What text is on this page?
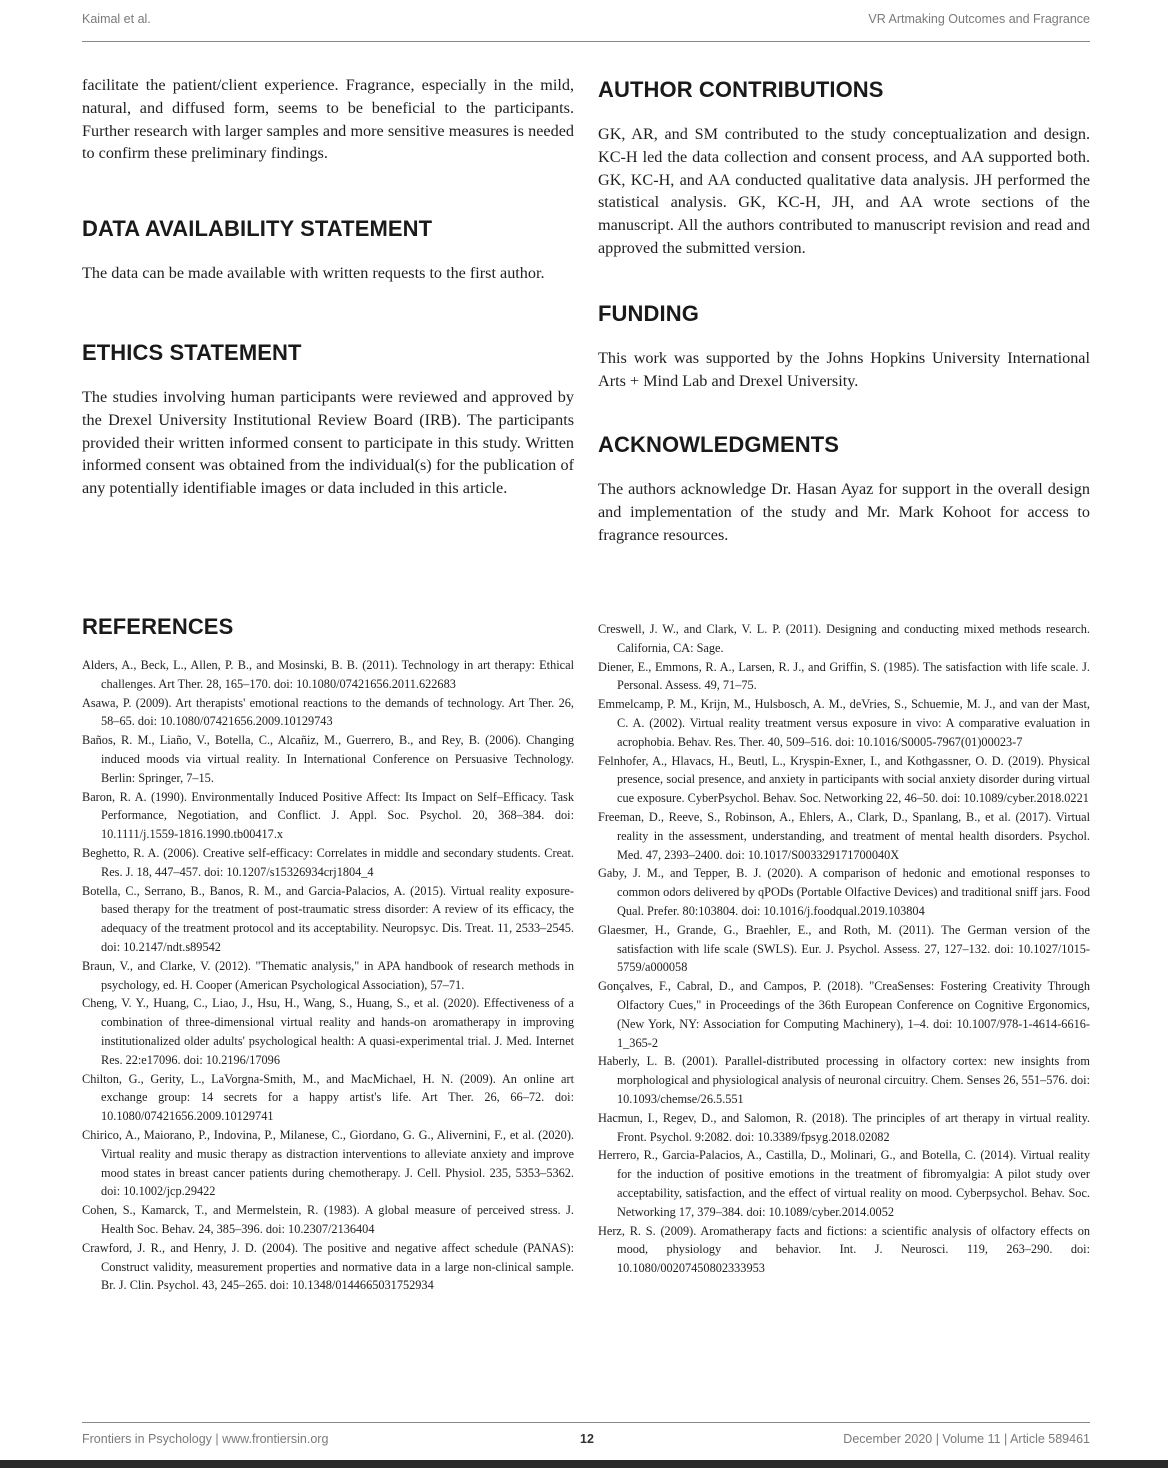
Kaimal et al.	VR Artmaking Outcomes and Fragrance

facilitate the patient/client experience. Fragrance, especially in the mild, natural, and diffused form, seems to be beneficial to the participants. Further research with larger samples and more sensitive measures is needed to confirm these preliminary findings.

DATA AVAILABILITY STATEMENT

The data can be made available with written requests to the first author.

ETHICS STATEMENT

The studies involving human participants were reviewed and approved by the Drexel University Institutional Review Board (IRB). The participants provided their written informed consent to participate in this study. Written informed consent was obtained from the individual(s) for the publication of any potentially identifiable images or data included in this article.

AUTHOR CONTRIBUTIONS

GK, AR, and SM contributed to the study conceptualization and design. KC-H led the data collection and consent process, and AA supported both. GK, KC-H, and AA conducted qualitative data analysis. JH performed the statistical analysis. GK, KC-H, JH, and AA wrote sections of the manuscript. All the authors contributed to manuscript revision and read and approved the submitted version.

FUNDING

This work was supported by the Johns Hopkins University International Arts + Mind Lab and Drexel University.

ACKNOWLEDGMENTS

The authors acknowledge Dr. Hasan Ayaz for support in the overall design and implementation of the study and Mr. Mark Kohoot for access to fragrance resources.

REFERENCES
Alders, A., Beck, L., Allen, P. B., and Mosinski, B. B. (2011). Technology in art therapy: Ethical challenges. Art Ther. 28, 165–170. doi: 10.1080/07421656.2011.622683
Asawa, P. (2009). Art therapists' emotional reactions to the demands of technology. Art Ther. 26, 58–65. doi: 10.1080/07421656.2009.10129743
Baños, R. M., Liaño, V., Botella, C., Alcañiz, M., Guerrero, B., and Rey, B. (2006). Changing induced moods via virtual reality. In International Conference on Persuasive Technology. Berlin: Springer, 7–15.
Baron, R. A. (1990). Environmentally Induced Positive Affect: Its Impact on Self–Efficacy. Task Performance, Negotiation, and Conflict. J. Appl. Soc. Psychol. 20, 368–384. doi: 10.1111/j.1559-1816.1990.tb00417.x
Beghetto, R. A. (2006). Creative self-efficacy: Correlates in middle and secondary students. Creat. Res. J. 18, 447–457. doi: 10.1207/s15326934crj1804_4
Botella, C., Serrano, B., Banos, R. M., and Garcia-Palacios, A. (2015). Virtual reality exposure-based therapy for the treatment of post-traumatic stress disorder: A review of its efficacy, the adequacy of the treatment protocol and its acceptability. Neuropsyc. Dis. Treat. 11, 2533–2545. doi: 10.2147/ndt.s89542
Braun, V., and Clarke, V. (2012). "Thematic analysis," in APA handbook of research methods in psychology, ed. H. Cooper (American Psychological Association), 57–71.
Cheng, V. Y., Huang, C., Liao, J., Hsu, H., Wang, S., Huang, S., et al. (2020). Effectiveness of a combination of three-dimensional virtual reality and hands-on aromatherapy in improving institutionalized older adults' psychological health: A quasi-experimental trial. J. Med. Internet Res. 22:e17096. doi: 10.2196/17096
Chilton, G., Gerity, L., LaVorgna-Smith, M., and MacMichael, H. N. (2009). An online art exchange group: 14 secrets for a happy artist's life. Art Ther. 26, 66–72. doi: 10.1080/07421656.2009.10129741
Chirico, A., Maiorano, P., Indovina, P., Milanese, C., Giordano, G. G., Alivernini, F., et al. (2020). Virtual reality and music therapy as distraction interventions to alleviate anxiety and improve mood states in breast cancer patients during chemotherapy. J. Cell. Physiol. 235, 5353–5362. doi: 10.1002/jcp.29422
Cohen, S., Kamarck, T., and Mermelstein, R. (1983). A global measure of perceived stress. J. Health Soc. Behav. 24, 385–396. doi: 10.2307/2136404
Crawford, J. R., and Henry, J. D. (2004). The positive and negative affect schedule (PANAS): Construct validity, measurement properties and normative data in a large non-clinical sample. Br. J. Clin. Psychol. 43, 245–265. doi: 10.1348/0144665031752934
Creswell, J. W., and Clark, V. L. P. (2011). Designing and conducting mixed methods research. California, CA: Sage.
Diener, E., Emmons, R. A., Larsen, R. J., and Griffin, S. (1985). The satisfaction with life scale. J. Personal. Assess. 49, 71–75.
Emmelcamp, P. M., Krijn, M., Hulsbosch, A. M., deVries, S., Schuemie, M. J., and van der Mast, C. A. (2002). Virtual reality treatment versus exposure in vivo: A comparative evaluation in acrophobia. Behav. Res. Ther. 40, 509–516. doi: 10.1016/S0005-7967(01)00023-7
Felnhofer, A., Hlavacs, H., Beutl, L., Kryspin-Exner, I., and Kothgassner, O. D. (2019). Physical presence, social presence, and anxiety in participants with social anxiety disorder during virtual cue exposure. CyberPsychol. Behav. Soc. Networking 22, 46–50. doi: 10.1089/cyber.2018.0221
Freeman, D., Reeve, S., Robinson, A., Ehlers, A., Clark, D., Spanlang, B., et al. (2017). Virtual reality in the assessment, understanding, and treatment of mental health disorders. Psychol. Med. 47, 2393–2400. doi: 10.1017/S003329171700040X
Gaby, J. M., and Tepper, B. J. (2020). A comparison of hedonic and emotional responses to common odors delivered by qPODs (Portable Olfactive Devices) and traditional sniff jars. Food Qual. Prefer. 80:103804. doi: 10.1016/j.foodqual.2019.103804
Glaesmer, H., Grande, G., Braehler, E., and Roth, M. (2011). The German version of the satisfaction with life scale (SWLS). Eur. J. Psychol. Assess. 27, 127–132. doi: 10.1027/1015-5759/a000058
Gonçalves, F., Cabral, D., and Campos, P. (2018). "CreaSenses: Fostering Creativity Through Olfactory Cues," in Proceedings of the 36th European Conference on Cognitive Ergonomics, (New York, NY: Association for Computing Machinery), 1–4. doi: 10.1007/978-1-4614-6616-1_365-2
Haberly, L. B. (2001). Parallel-distributed processing in olfactory cortex: new insights from morphological and physiological analysis of neuronal circuitry. Chem. Senses 26, 551–576. doi: 10.1093/chemse/26.5.551
Hacmun, I., Regev, D., and Salomon, R. (2018). The principles of art therapy in virtual reality. Front. Psychol. 9:2082. doi: 10.3389/fpsyg.2018.02082
Herrero, R., Garcia-Palacios, A., Castilla, D., Molinari, G., and Botella, C. (2014). Virtual reality for the induction of positive emotions in the treatment of fibromyalgia: A pilot study over acceptability, satisfaction, and the effect of virtual reality on mood. Cyberpsychol. Behav. Soc. Networking 17, 379–384. doi: 10.1089/cyber.2014.0052
Herz, R. S. (2009). Aromatherapy facts and fictions: a scientific analysis of olfactory effects on mood, physiology and behavior. Int. J. Neurosci. 119, 263–290. doi: 10.1080/00207450802333953
Frontiers in Psychology | www.frontiersin.org	12	December 2020 | Volume 11 | Article 589461
